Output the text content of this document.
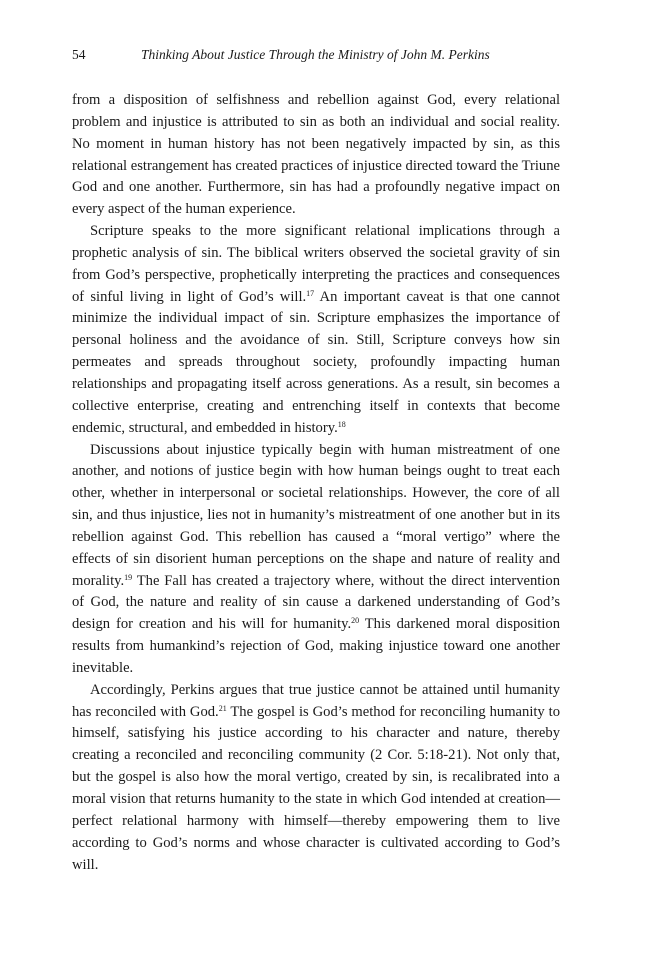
54	Thinking About Justice Through the Ministry of John M. Perkins

from a disposition of selfishness and rebellion against God, every relational problem and injustice is attributed to sin as both an individual and social reality. No moment in human history has not been negatively impacted by sin, as this relational estrangement has created practices of injustice directed toward the Triune God and one another. Furthermore, sin has had a profoundly negative impact on every aspect of the human experience.

Scripture speaks to the more significant relational implications through a prophetic analysis of sin. The biblical writers observed the societal gravity of sin from God’s perspective, prophetically interpreting the practices and consequences of sinful living in light of God’s will.$^{17}$ An important caveat is that one cannot minimize the individual impact of sin. Scripture emphasizes the importance of personal holiness and the avoidance of sin. Still, Scripture conveys how sin permeates and spreads throughout society, profoundly impacting human relationships and propagating itself across generations. As a result, sin becomes a collective enterprise, creating and entrenching itself in contexts that become endemic, structural, and embedded in history.$^{18}$

Discussions about injustice typically begin with human mistreatment of one another, and notions of justice begin with how human beings ought to treat each other, whether in interpersonal or societal relationships. However, the core of all sin, and thus injustice, lies not in humanity’s mistreatment of one another but in its rebellion against God. This rebellion has caused a “moral vertigo” where the effects of sin disorient human perceptions on the shape and nature of reality and morality.$^{19}$ The Fall has created a trajectory where, without the direct intervention of God, the nature and reality of sin cause a darkened understanding of God’s design for creation and his will for humanity.$^{20}$ This darkened moral disposition results from humankind’s rejection of God, making injustice toward one another inevitable.

Accordingly, Perkins argues that true justice cannot be attained until humanity has reconciled with God.$^{21}$ The gospel is God’s method for reconciling humanity to himself, satisfying his justice according to his character and nature, thereby creating a reconciled and reconciling community (2 Cor. 5:18-21). Not only that, but the gospel is also how the moral vertigo, created by sin, is recalibrated into a moral vision that returns humanity to the state in which God intended at creation—perfect relational harmony with himself—thereby empowering them to live according to God’s norms and whose character is cultivated according to God’s will.
